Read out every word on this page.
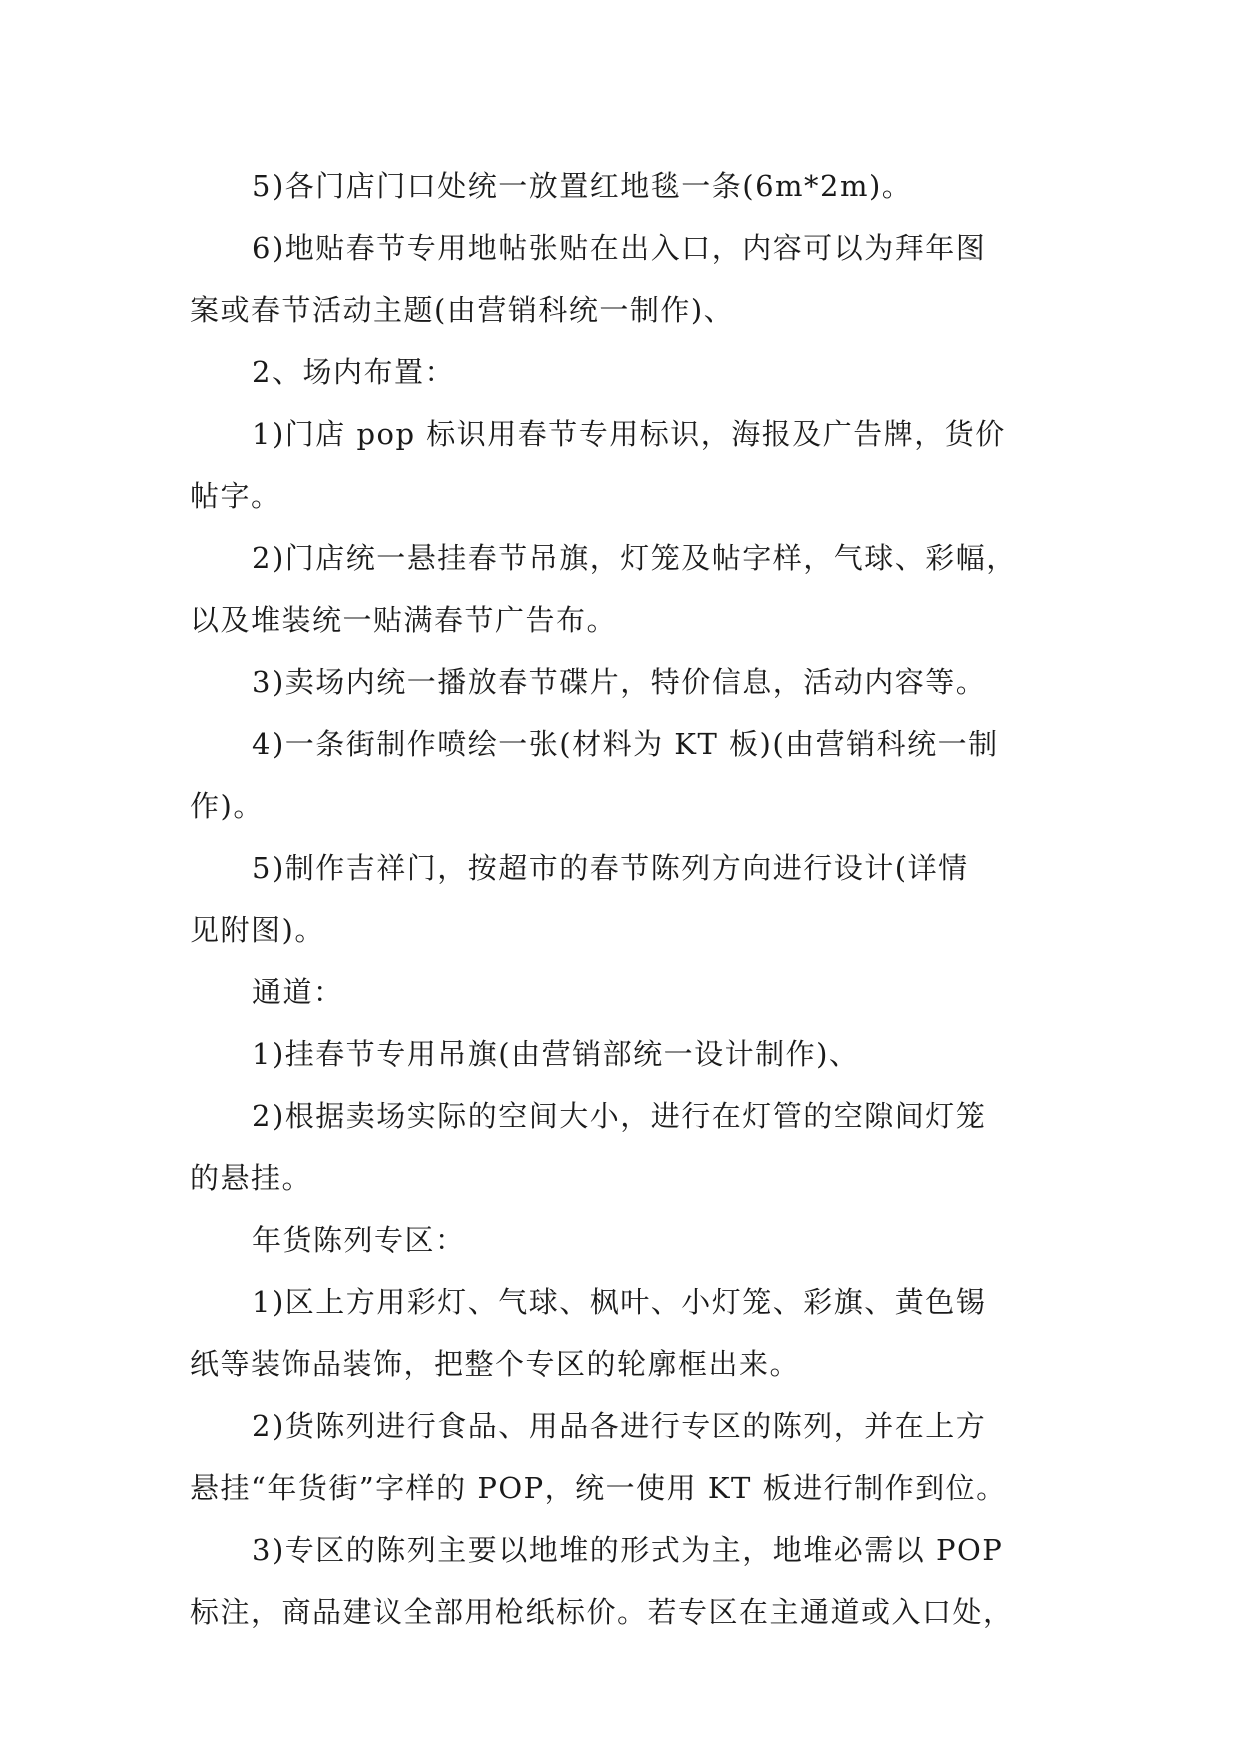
5)各门店门口处统一放置红地毯一条(6m*2m)。
6)地贴春节专用地帖张贴在出入口，内容可以为拜年图
案或春节活动主题(由营销科统一制作)、
2、场内布置：
1)门店 pop 标识用春节专用标识，海报及广告牌，货价
帖字。
2)门店统一悬挂春节吊旗，灯笼及帖字样，气球、彩幅，
以及堆装统一贴满春节广告布。
3)卖场内统一播放春节碟片，特价信息，活动内容等。
4)一条街制作喷绘一张(材料为 KT 板)(由营销科统一制
作)。
5)制作吉祥门，按超市的春节陈列方向进行设计(详情
见附图)。
通道：
1)挂春节专用吊旗(由营销部统一设计制作)、
2)根据卖场实际的空间大小，进行在灯管的空隙间灯笼
的悬挂。
年货陈列专区：
1)区上方用彩灯、气球、枫叶、小灯笼、彩旗、黄色锡
纸等装饰品装饰，把整个专区的轮廓框出来。
2)货陈列进行食品、用品各进行专区的陈列，并在上方
悬挂“年货街”字样的 POP，统一使用 KT 板进行制作到位。
3)专区的陈列主要以地堆的形式为主，地堆必需以 POP
标注，商品建议全部用枪纸标价。若专区在主通道或入口处，
